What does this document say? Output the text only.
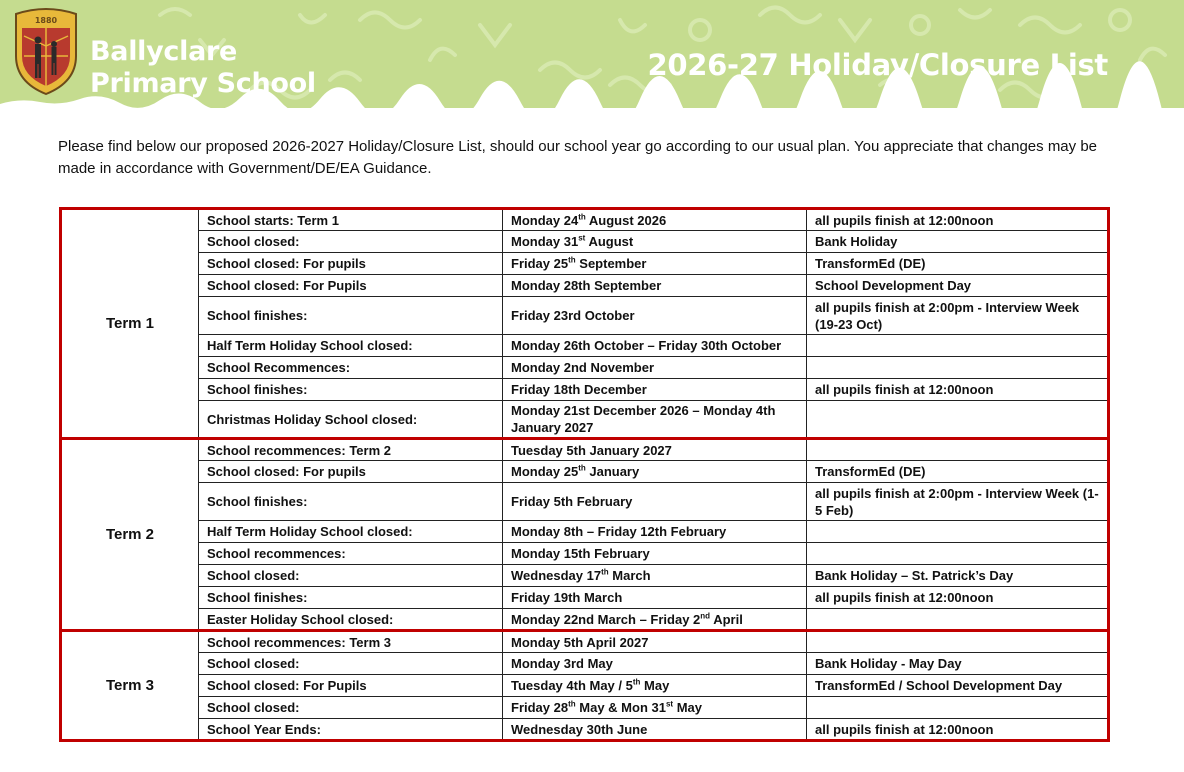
1880
Ballyclare
Primary School
2026-27 Holiday/Closure List

Please find below our proposed 2026-2027 Holiday/Closure List, should our school year go according to our usual plan. You appreciate that changes may be made in accordance with Government/DE/EA Guidance.

Term 1	School starts: Term 1	Monday 24th August 2026	all pupils finish at 12:00noon
	School closed:	Monday 31st August	Bank Holiday
	School closed: For pupils	Friday 25th September	TransformEd (DE)
	School closed: For Pupils	Monday 28th September	School Development Day
	School finishes:	Friday 23rd October	all pupils finish at 2:00pm - Interview Week (19-23 Oct)
	Half Term Holiday School closed:	Monday 26th October – Friday 30th October	
	School Recommences:	Monday 2nd November	
	School finishes:	Friday 18th December	all pupils finish at 12:00noon
	Christmas Holiday School closed:	Monday 21st December 2026 – Monday 4th January 2027	
Term 2	School recommences: Term 2	Tuesday 5th January 2027	
	School closed: For pupils	Monday 25th January	TransformEd (DE)
	School finishes:	Friday 5th February	all pupils finish at 2:00pm - Interview Week (1-5 Feb)
	Half Term Holiday School closed:	Monday 8th – Friday 12th February	
	School recommences:	Monday 15th February	
	School closed:	Wednesday 17th March	Bank Holiday – St. Patrick’s Day
	School finishes:	Friday 19th March	all pupils finish at 12:00noon
	Easter Holiday School closed:	Monday 22nd March – Friday 2nd April	
Term 3	School recommences: Term 3	Monday 5th April 2027	
	School closed:	Monday 3rd May	Bank Holiday - May Day
	School closed: For Pupils	Tuesday 4th May / 5th May	TransformEd / School Development Day
	School closed:	Friday 28th May & Mon 31st May	
	School Year Ends:	Wednesday 30th June	all pupils finish at 12:00noon
